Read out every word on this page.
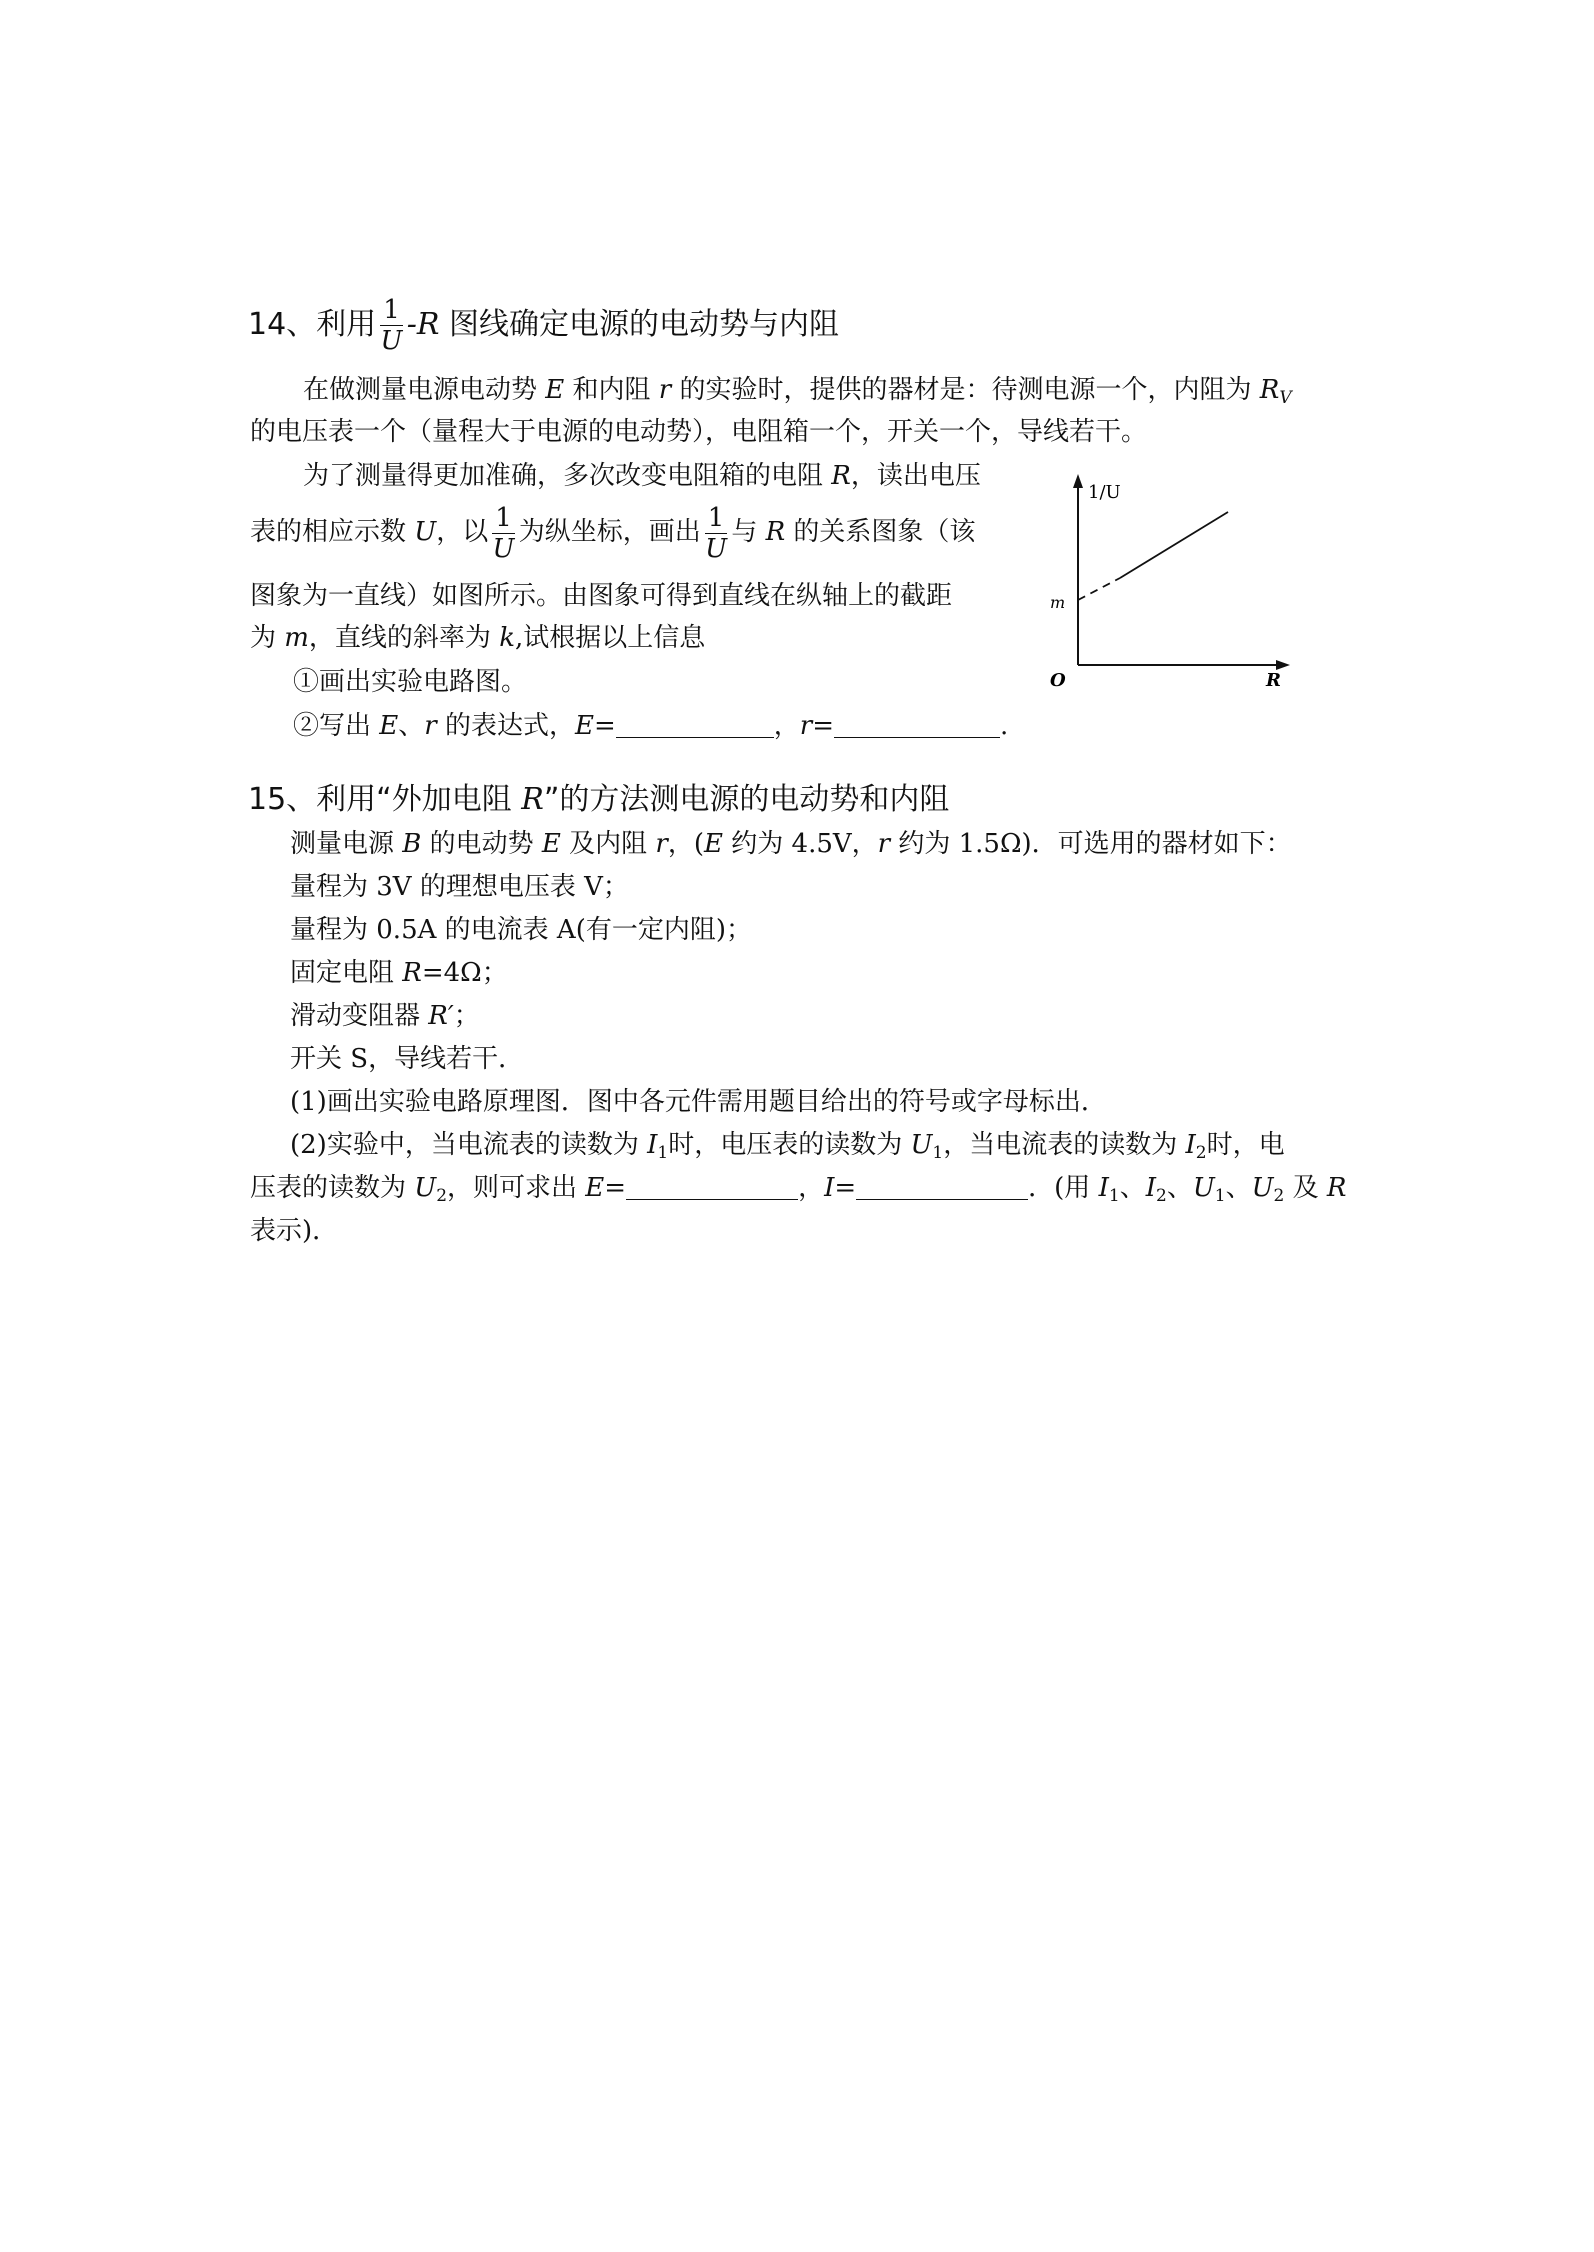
14、利用 $\frac{1}{U} -R$ 图线确定电源的电动势与内阻
在做测量电源电动势 E 和内阻 r 的实验时，提供的器材是：待测电源一个，内阻为 $R_V$
的电压表一个（量程大于电源的电动势），电阻箱一个，开关一个，导线若干。
为了测量得更加准确，多次改变电阻箱的电阻 R，读出电压
表的相应示数 U，以 $\frac{1}{U}$ 为纵坐标，画出 $\frac{1}{U}$ 与 R 的关系图象（该
图象为一直线）如图所示。由图象可得到直线在纵轴上的截距
为 m，直线的斜率为 k,试根据以上信息
①画出实验电路图。
②写出 E、r 的表达式，E=	，r=	.
1/U
m
O	R
15、利用“外加电阻 R”的方法测电源的电动势和内阻
测量电源 B 的电动势 E 及内阻 r，(E 约为 4.5V，r 约为 1.5Ω)．可选用的器材如下：
量程为 3V 的理想电压表 V；
量程为 0.5A 的电流表 A(有一定内阻)；
固定电阻 R=4Ω；
滑动变阻器 R′；
开关 S，导线若干．
(1)画出实验电路原理图．图中各元件需用题目给出的符号或字母标出．
(2)实验中，当电流表的读数为 $I_1$时，电压表的读数为 $U_1$，当电流表的读数为 $I_2$时，电
压表的读数为 $U_2$，则可求出 E=	，I=	．(用 $I_1$、$I_2$、$U_1$、$U_2$ 及 R
表示)．
